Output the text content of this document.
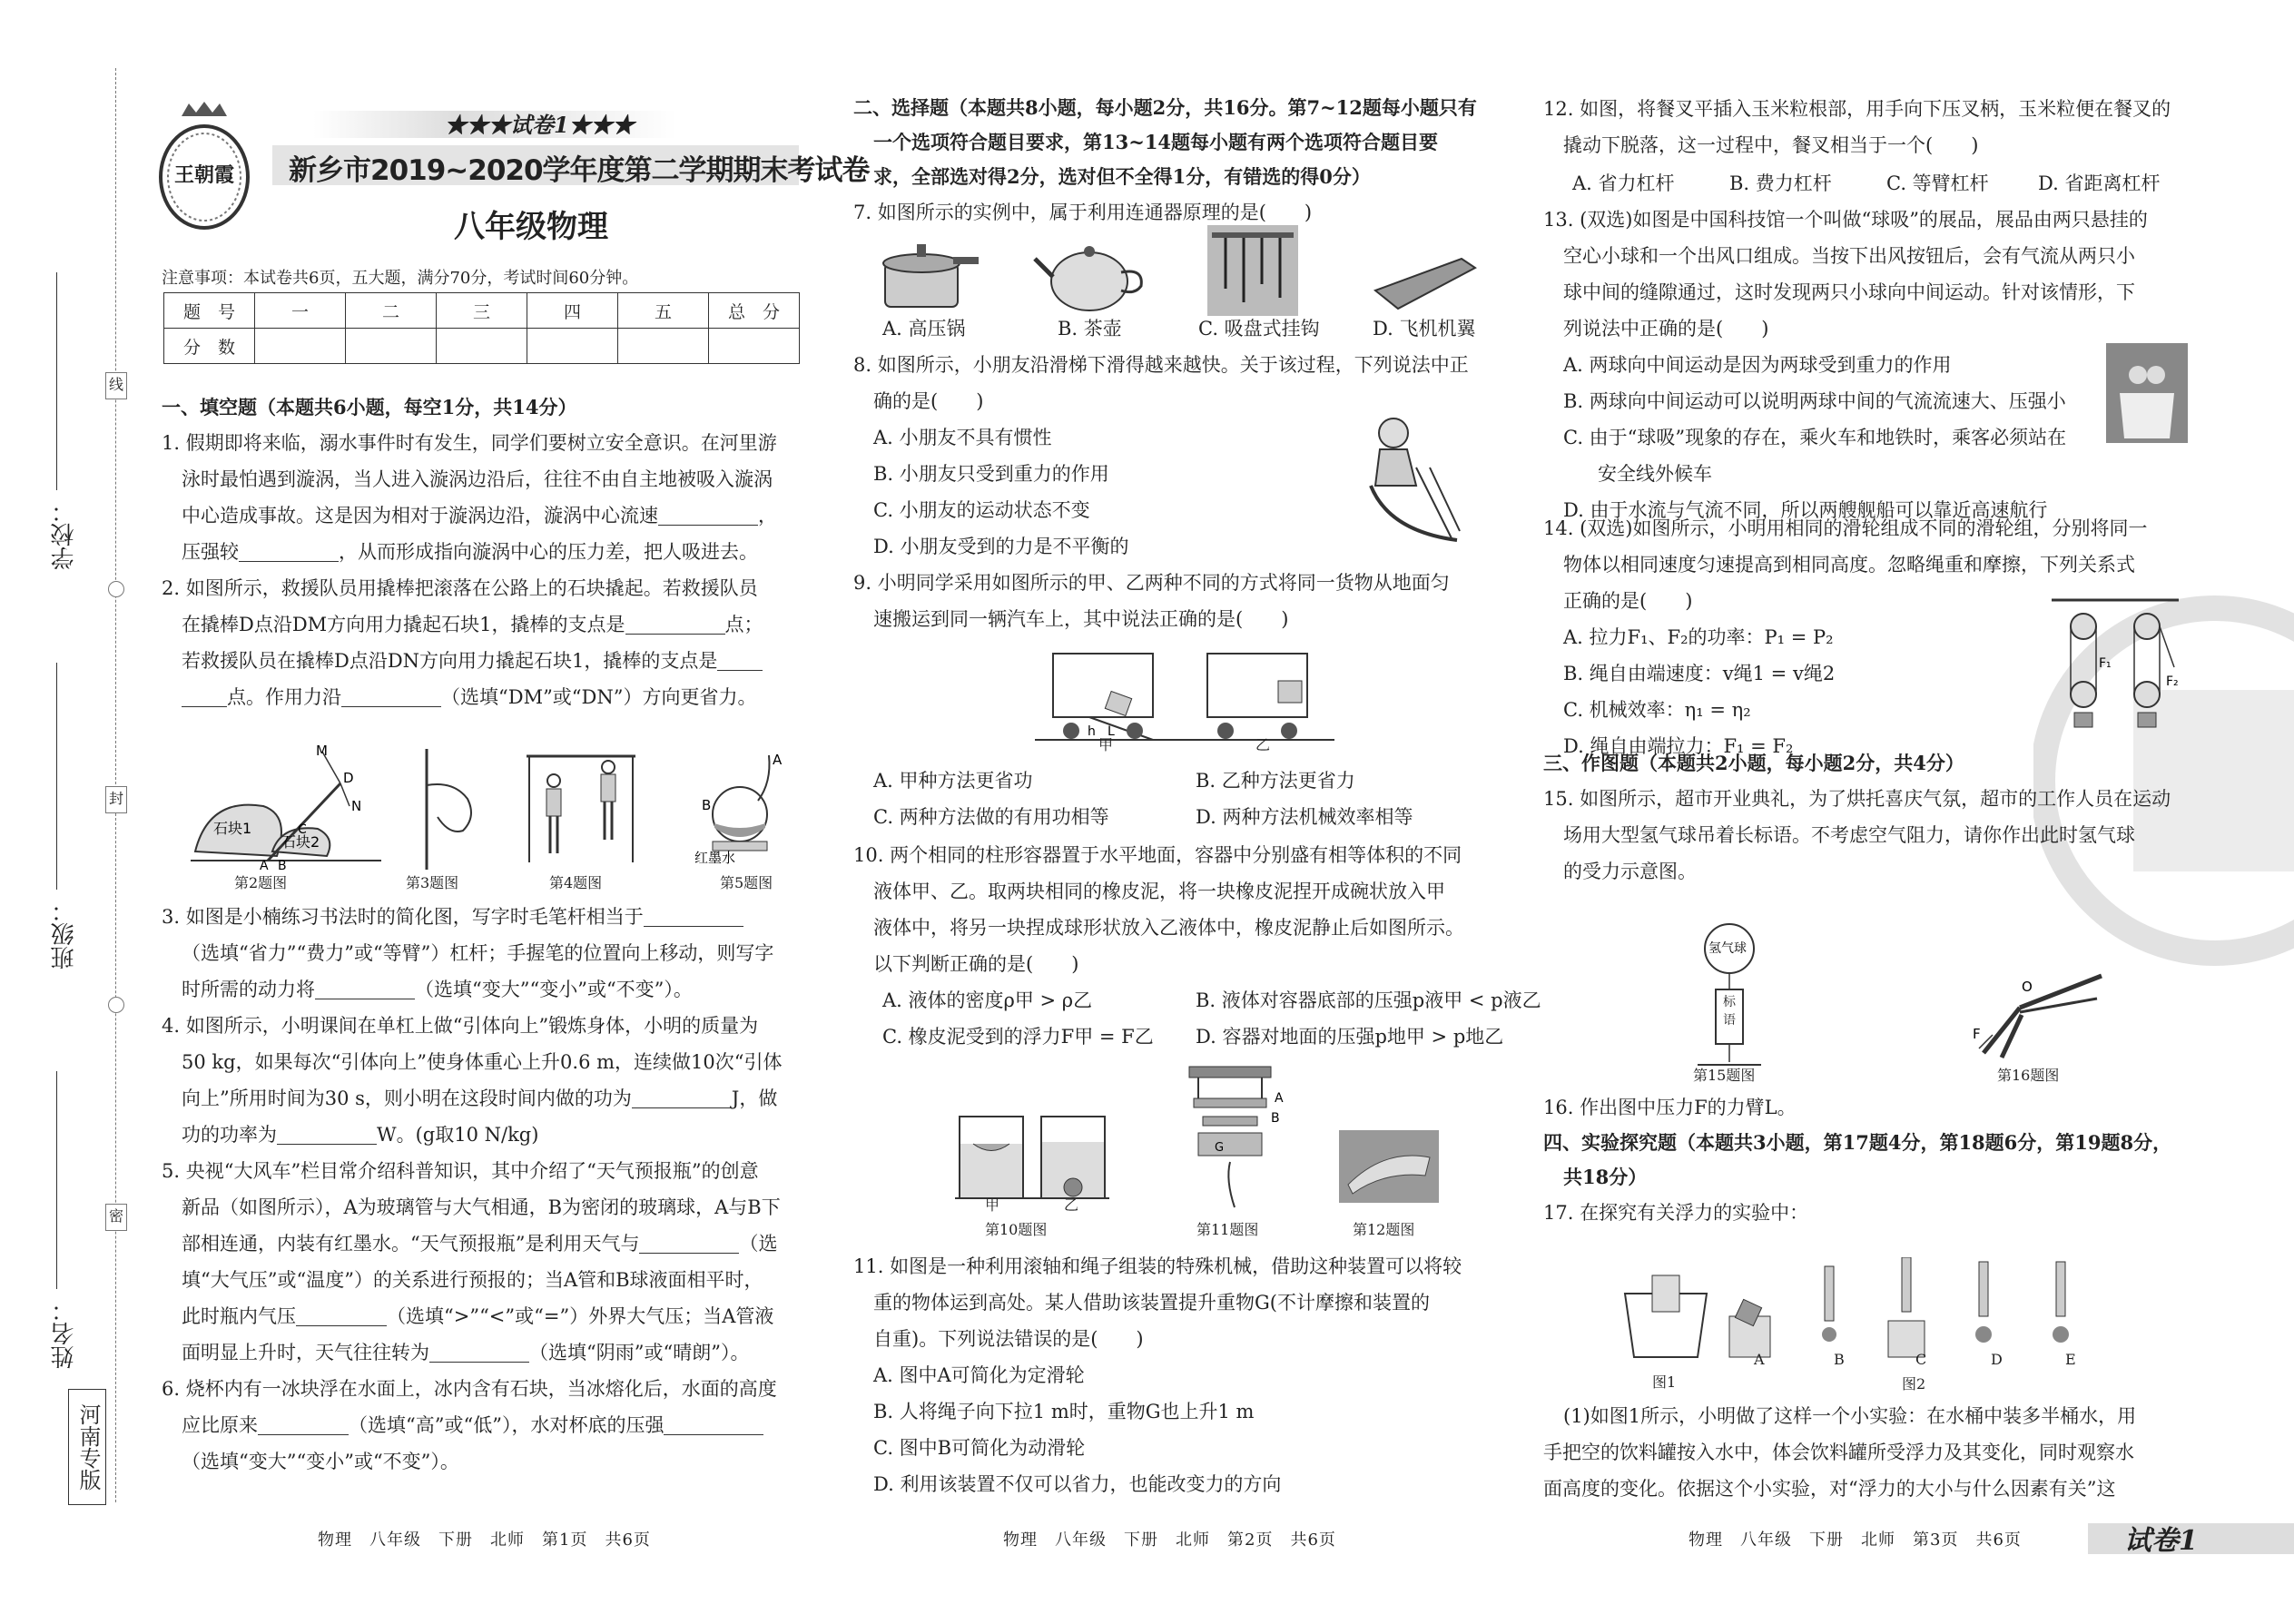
线
封
密
学校：
班级：
姓名：
河南专版
王朝霞
★★★试卷1★★★
新乡市2019~2020学年度第二学期期末考试卷
八年级物理
注意事项：本试卷共6页，五大题，满分70分，考试时间60分钟。
题　号	一	二	三	四	五	总　分
分　数						

一、填空题（本题共6小题，每空1分，共14分）

1. 假期即将来临，溺水事件时有发生，同学们要树立安全意识。在河里游

泳时最怕遇到漩涡，当人进入漩涡边沿后，往往不由自主地被吸入漩涡

中心造成事故。这是因为相对于漩涡边沿，漩涡中心流速	，

压强较	，从而形成指向漩涡中心的压力差，把人吸进去。

2. 如图所示，救援队员用撬棒把滚落在公路上的石块撬起。若救援队员

在撬棒D点沿DM方向用力撬起石块1，撬棒的支点是	点；

若救援队员在撬棒D点沿DN方向用力撬起石块1，撬棒的支点是

点。作用力沿	（选填“DM”或“DN”）方向更省力。

石块1
石块2
M
D
N
A B
C
A
B
红墨水
第2题图	第3题图	第4题图	第5题图

3. 如图是小楠练习书法时的简化图，写字时毛笔杆相当于

（选填“省力”“费力”或“等臂”）杠杆；手握笔的位置向上移动，则写字

时所需的动力将	（选填“变大”“变小”或“不变”）。

4. 如图所示，小明课间在单杠上做“引体向上”锻炼身体，小明的质量为

50 kg，如果每次“引体向上”使身体重心上升0.6 m，连续做10次“引体

向上”所用时间为30 s，则小明在这段时间内做的功为	J，做

功的功率为	W。(g取10 N/kg)

5. 央视“大风车”栏目常介绍科普知识，其中介绍了“天气预报瓶”的创意

新品（如图所示），A为玻璃管与大气相通，B为密闭的玻璃球，A与B下

部相连通，内装有红墨水。“天气预报瓶”是利用天气与	（选

填“大气压”或“温度”）的关系进行预报的；当A管和B球液面相平时，

此时瓶内气压	（选填“>”“<”或“=”）外界大气压；当A管液

面明显上升时，天气往往转为	（选填“阴雨”或“晴朗”）。

6. 烧杯内有一冰块浮在水面上，冰内含有石块，当冰熔化后，水面的高度

应比原来	（选填“高”或“低”），水对杯底的压强

（选填“变大”“变小”或“不变”）。

物理　八年级　下册　北师　第1页　共6页

二、选择题（本题共8小题，每小题2分，共16分。第7~12题每小题只有

一个选项符合题目要求，第13~14题每小题有两个选项符合题目要

求，全部选对得2分，选对但不全得1分，有错选的得0分）

7. 如图所示的实例中，属于利用连通器原理的是(　　)

A. 高压锅	B. 茶壶	C. 吸盘式挂钩	D. 飞机机翼

8. 如图所示，小朋友沿滑梯下滑得越来越快。关于该过程，下列说法中正

确的是(　　)

A. 小朋友不具有惯性

B. 小朋友只受到重力的作用

C. 小朋友的运动状态不变

D. 小朋友受到的力是不平衡的

9. 小明同学采用如图所示的甲、乙两种不同的方式将同一货物从地面匀

速搬运到同一辆汽车上，其中说法正确的是(　　)

h L
甲	乙
A. 甲种方法更省功	B. 乙种方法更省力
C. 两种方法做的有用功相等	D. 两种方法机械效率相等

10. 两个相同的柱形容器置于水平地面，容器中分别盛有相等体积的不同

液体甲、乙。取两块相同的橡皮泥，将一块橡皮泥捏开成碗状放入甲

液体中，将另一块捏成球形状放入乙液体中，橡皮泥静止后如图所示。

以下判断正确的是(　　)

A. 液体的密度ρ甲 > ρ乙	B. 液体对容器底部的压强p液甲 < p液乙
C. 橡皮泥受到的浮力F甲 = F乙 D. 容器对地面的压强p地甲 > p地乙
甲	乙
A
B
G
第10题图	第11题图	第12题图

11. 如图是一种利用滚轴和绳子组装的特殊机械，借助这种装置可以将较

重的物体运到高处。某人借助该装置提升重物G(不计摩擦和装置的

自重)。下列说法错误的是(　　)

A. 图中A可简化为定滑轮

B. 人将绳子向下拉1 m时，重物G也上升1 m

C. 图中B可简化为动滑轮

D. 利用该装置不仅可以省力，也能改变力的方向

物理　八年级　下册　北师　第2页　共6页

12. 如图，将餐叉平插入玉米粒根部，用手向下压叉柄，玉米粒便在餐叉的

撬动下脱落，这一过程中，餐叉相当于一个(　　)

A. 省力杠杆	B. 费力杠杆	C. 等臂杠杆	D. 省距离杠杆

13. (双选)如图是中国科技馆一个叫做“球吸”的展品，展品由两只悬挂的

空心小球和一个出风口组成。当按下出风按钮后，会有气流从两只小

球中间的缝隙通过，这时发现两只小球向中间运动。针对该情形，下

列说法中正确的是(　　)

A. 两球向中间运动是因为两球受到重力的作用

B. 两球向中间运动可以说明两球中间的气流流速大、压强小

C. 由于“球吸”现象的存在，乘火车和地铁时，乘客必须站在

安全线外候车

D. 由于水流与气流不同，所以两艘舰船可以靠近高速航行

14. (双选)如图所示，小明用相同的滑轮组成不同的滑轮组，分别将同一

物体以相同速度匀速提高到相同高度。忽略绳重和摩擦，下列关系式

正确的是(　　)

A. 拉力F₁、F₂的功率：P₁ = P₂

B. 绳自由端速度：v绳1 = v绳2

C. 机械效率：η₁ = η₂

D. 绳自由端拉力：F₁ = F₂

F₁
F₂

三、作图题（本题共2小题，每小题2分，共4分）

15. 如图所示，超市开业典礼，为了烘托喜庆气氛，超市的工作人员在运动

场用大型氢气球吊着长标语。不考虑空气阻力，请你作出此时氢气球

的受力示意图。

氢气球
标语
O
F
第15题图	第16题图

16. 作出图中压力F的力臂L。

四、实验探究题（本题共3小题，第17题4分，第18题6分，第19题8分，

共18分）

17. 在探究有关浮力的实验中：

图1
A	B	C	D	E
图2

(1)如图1所示，小明做了这样一个小实验：在水桶中装多半桶水，用

手把空的饮料罐按入水中，体会饮料罐所受浮力及其变化，同时观察水

面高度的变化。依据这个小实验，对“浮力的大小与什么因素有关”这

物理　八年级　下册　北师　第3页　共6页	试卷1
